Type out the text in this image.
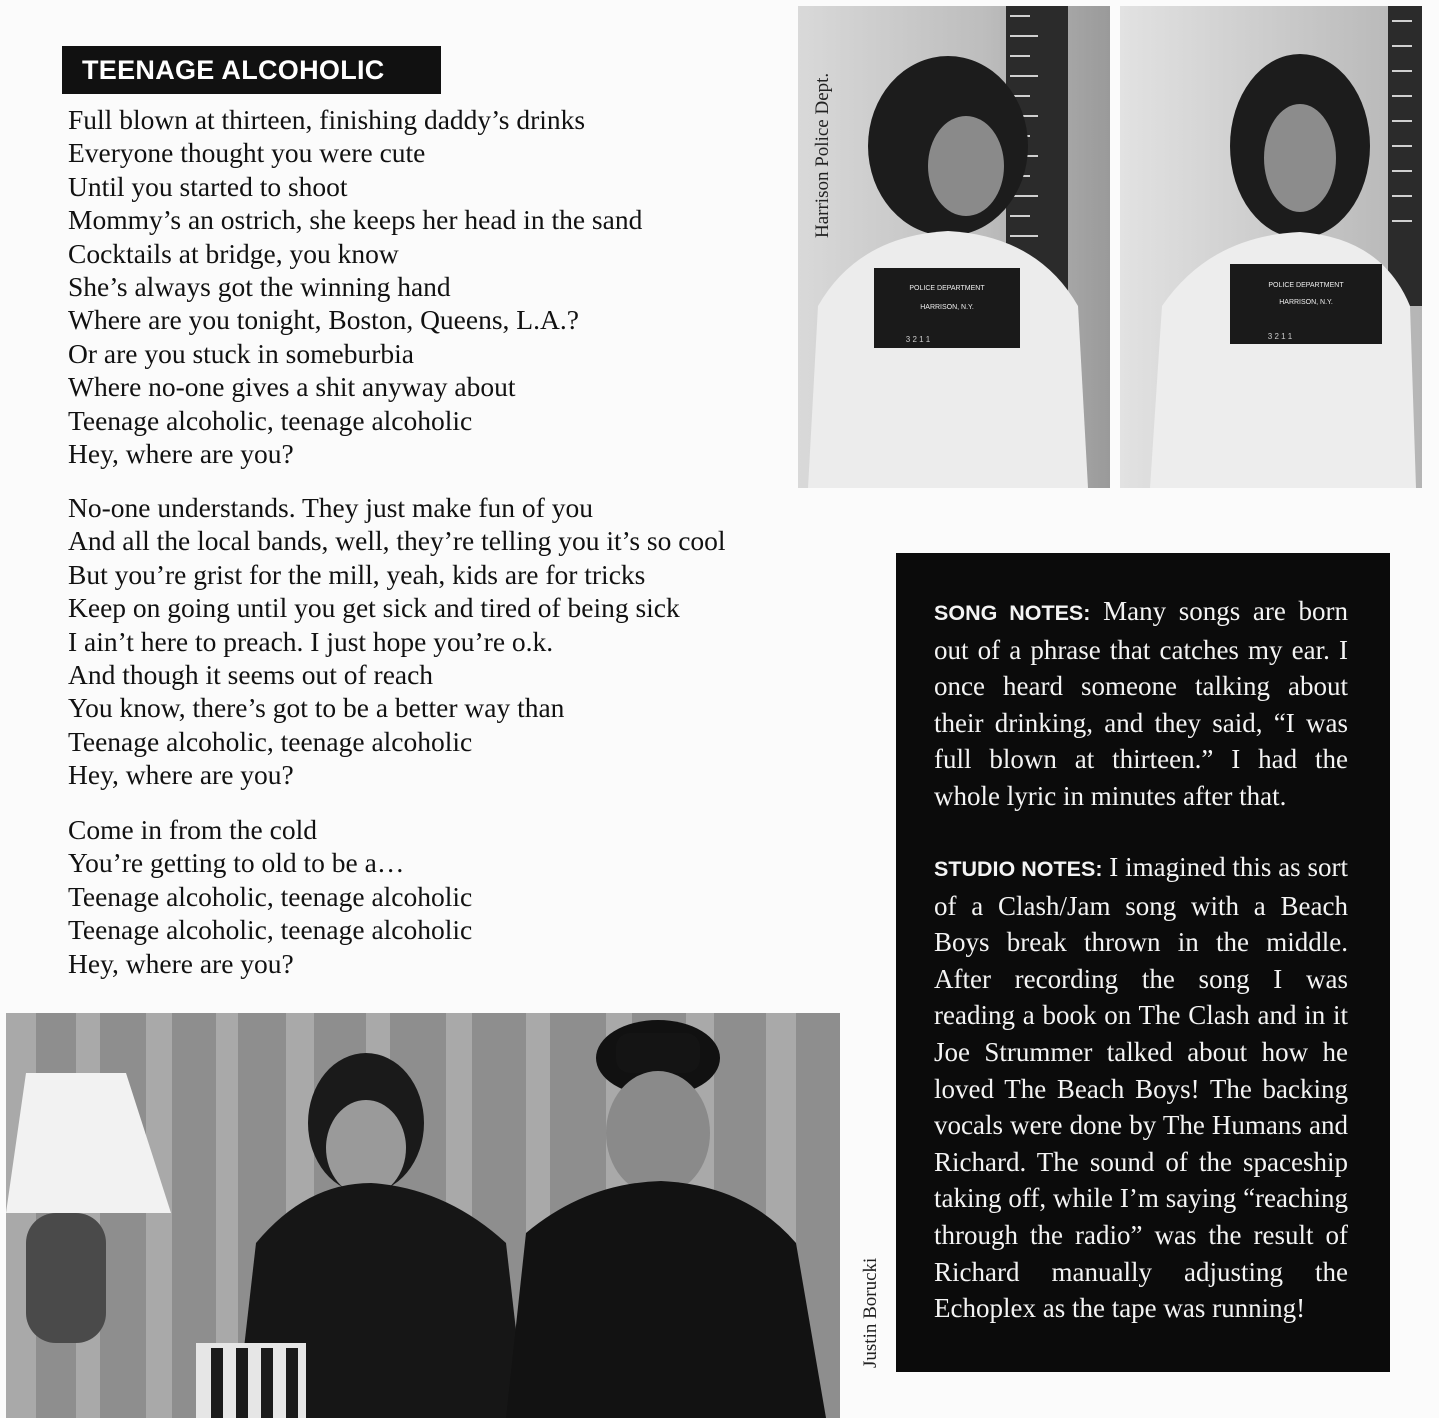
TEENAGE ALCOHOLIC
Full blown at thirteen, finishing daddy’s drinks
Everyone thought you were cute
Until you started to shoot
Mommy’s an ostrich, she keeps her head in the sand
Cocktails at bridge, you know
She’s always got the winning hand
Where are you tonight, Boston, Queens, L.A.?
Or are you stuck in someburbia
Where no-one gives a shit anyway about
Teenage alcoholic, teenage alcoholic
Hey, where are you?
No-one understands. They just make fun of you
And all the local bands, well, they’re telling you it’s so cool
But you’re grist for the mill, yeah, kids are for tricks
Keep on going until you get sick and tired of being sick
I ain’t here to preach. I just hope you’re o.k.
And though it seems out of reach
You know, there’s got to be a better way than
Teenage alcoholic, teenage alcoholic
Hey, where are you?
Come in from the cold
You’re getting to old to be a…
Teenage alcoholic, teenage alcoholic
Teenage alcoholic, teenage alcoholic
Hey, where are you?
POLICE DEPARTMENT
HARRISON, N.Y.
3 2 1 1
Harrison Police Dept.
POLICE DEPARTMENT
HARRISON, N.Y.
3 2 1 1
Justin Borucki
SONG NOTES: Many songs are born out of a phrase that catches my ear. I once heard someone talking about their drinking, and they said, “I was full blown at thirteen.” I had the whole lyric in minutes after that.
STUDIO NOTES: I imagined this as sort of a Clash/Jam song with a Beach Boys break thrown in the middle. After recording the song I was reading a book on The Clash and in it Joe Strummer talked about how he loved The Beach Boys! The backing vocals were done by The Humans and Richard. The sound of the spaceship taking off, while I’m saying “reaching through the radio” was the result of Richard manually adjusting the Echoplex as the tape was running!
